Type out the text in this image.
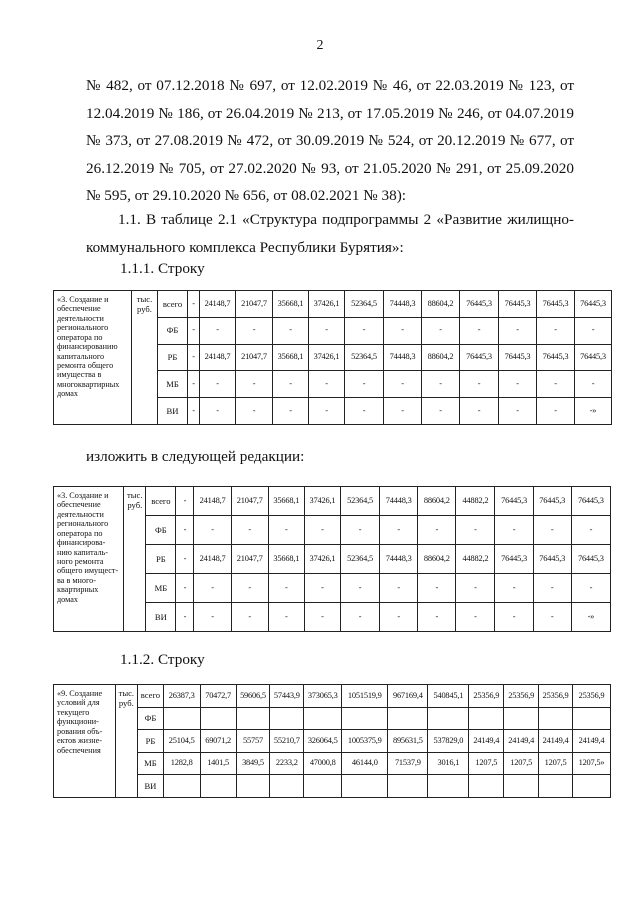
2
№ 482, от 07.12.2018 № 697, от 12.02.2019 № 46, от 22.03.2019 № 123, от
12.04.2019 № 186, от 26.04.2019 № 213, от 17.05.2019 № 246, от 04.07.2019
№ 373, от 27.08.2019 № 472, от 30.09.2019 № 524, от 20.12.2019 № 677, от
26.12.2019 № 705, от 27.02.2020 № 93, от 21.05.2020 № 291, от 25.09.2020
№ 595, от 29.10.2020 № 656, от 08.02.2021 № 38):
1.1. В таблице 2.1 «Структура подпрограммы 2 «Развитие жилищно-
коммунального комплекса Республики Бурятия»:
1.1.1. Строку
«3. Создание и обеспечение деятельности регионального оператора по финансированию капитального ремонта общего имущества в многоквартирных домах	тыс. руб.	всего	-	24148,7	21047,7	35668,1	37426,1	52364,5	74448,3	88604,2	76445,3	76445,3	76445,3	76445,3
		ФБ	-	-	-	-	-	-	-	-	-	-	-	-
		РБ	-	24148,7	21047,7	35668,1	37426,1	52364,5	74448,3	88604,2	76445,3	76445,3	76445,3	76445,3
		МБ	-	-	-	-	-	-	-	-	-	-	-	-
		ВИ	-	-	-	-	-	-	-	-	-	-	-	-»
изложить в следующей редакции:
«3. Создание и обеспечение деятельности регионального оператора по финансирова-нию капиталь-ного ремонта общего имущест-ва в много-квартирных домах	тыс. руб.	всего	-	24148,7	21047,7	35668,1	37426,1	52364,5	74448,3	88604,2	44882,2	76445,3	76445,3	76445,3
		ФБ	-	-	-	-	-	-	-	-	-	-	-	-
		РБ	-	24148,7	21047,7	35668,1	37426,1	52364,5	74448,3	88604,2	44882,2	76445,3	76445,3	76445,3
		МБ	-	-	-	-	-	-	-	-	-	-	-	-
		ВИ	-	-	-	-	-	-	-	-	-	-	-	-»
1.1.2. Строку
«9. Создание условий для текущего функциони-рования объ-ектов жизне-обеспечения	тыс. руб.	всего	26387,3	70472,7	59606,5	57443,9	373065,3	1051519,9	967169,4	540845,1	25356,9	25356,9	25356,9	25356,9
		ФБ												
		РБ	25104,5	69071,2	55757	55210,7	326064,5	1005375,9	895631,5	537829,0	24149,4	24149,4	24149,4	24149,4
		МБ	1282,8	1401,5	3849,5	2233,2	47000,8	46144,0	71537,9	3016,1	1207,5	1207,5	1207,5	1207,5»
		ВИ												
